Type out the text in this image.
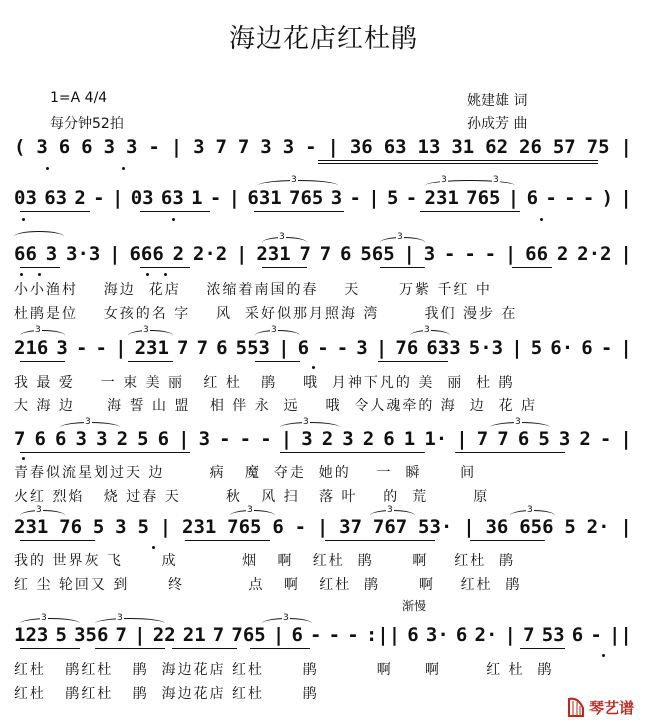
海边花店红杜鹃
1=A 4/4
每分钟52拍
姚建雄 词
孙成芳 曲
渐慢
琴艺谱
( 3 6 6 3 3 - | 3 7 7 3 3 - | 36 63 13 31 62 26 57 75 |
03 63 2 - | 03 63 1 - | 631 765 3 - | 5 - 231 765 | 6 - - - ) |
66 3 3·3 | 666 2 2·2 | 231 7 7 6 565 | 3 - - - | 66 2 2·2 |
小小渔村    海边  花店    浓缩着南国的春    天      万紫 千红 中
杜鹃是位    女孩的名 字    风  采好似那月照海 湾       我们 漫步 在
216 3 - - | 231 7 7 6 553 | 6 - - 3 | 76 633 5·3 | 5 6· 6 - |
我 最 爱    一 束 美 丽   红 杜   鹃    哦  月神下凡的 美  丽  杜 鹃
大 海 边     海 誓 山 盟   相 伴 永  远    哦  令人魂牵的 海  边  花 店
7 6 6 3 3 2 5 6 | 3 - - - | 3 2 3 2 6 1 1· | 7 7 6 5 3 2 - |
青春似流星划过天 边       病   魔  夺走  她的    一  瞬      间
火红 烈焰   烧 过春 天       秋   风 扫   落 叶    的  荒       原
231 76 5 3 5 | 231 765 6 - | 37 767 53· | 36 656 5 2· |
我的 世界灰 飞      成          烟   啊   红杜  鹃      啊    红杜  鹃
红 尘 轮回又 到      终          点   啊   红杜  鹃      啊    红杜  鹃
123 5 356 7 | 22 21 7 765 | 6 - - - :|| 6 3· 6 2· | 7 53 6 - ||
红杜   鹃红杜   鹃  海边花店 红杜      鹃         啊     啊       红 杜  鹃
红杜   鹃红杜   鹃  海边花店 红杜      鹃
3	3	3
3	3
3	3	3	3
3	3	3
3	3	3	3
3	3	3
